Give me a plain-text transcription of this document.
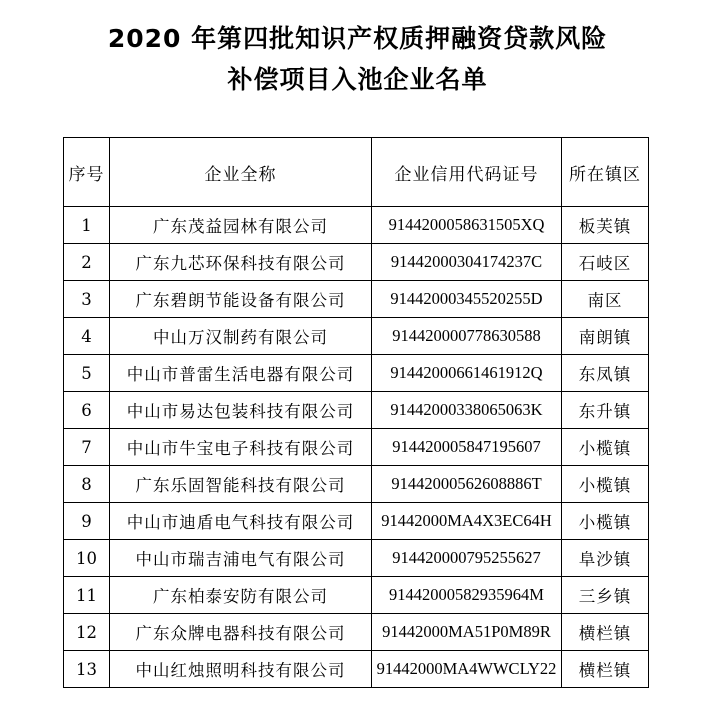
2020 年第四批知识产权质押融资贷款风险
补偿项目入池企业名单
序号	企业全称	企业信用代码证号	所在镇区
1	广东茂益园林有限公司	9144200058631505XQ	板芙镇
2	广东九芯环保科技有限公司	91442000304174237C	石岐区
3	广东碧朗节能设备有限公司	91442000345520255D	南区
4	中山万汉制药有限公司	914420000778630588	南朗镇
5	中山市普雷生活电器有限公司	91442000661461912Q	东凤镇
6	中山市易达包装科技有限公司	91442000338065063K	东升镇
7	中山市牛宝电子科技有限公司	914420005847195607	小榄镇
8	广东乐固智能科技有限公司	91442000562608886T	小榄镇
9	中山市迪盾电气科技有限公司	91442000MA4X3EC64H	小榄镇
10	中山市瑞吉浦电气有限公司	914420000795255627	阜沙镇
11	广东柏泰安防有限公司	91442000582935964M	三乡镇
12	广东众牌电器科技有限公司	91442000MA51P0M89R	横栏镇
13	中山红烛照明科技有限公司	91442000MA4WWCLY22	横栏镇
